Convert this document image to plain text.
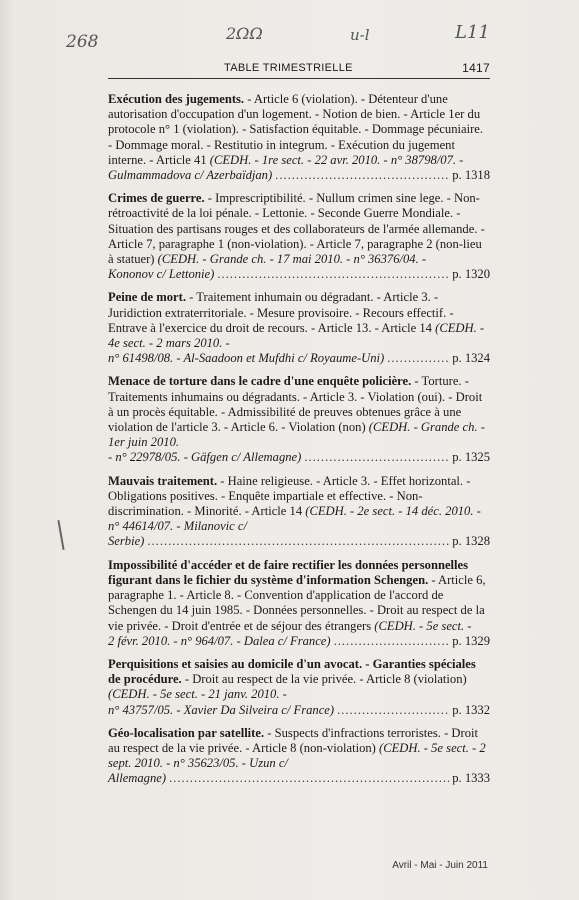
268	2ΩΩ	u-l	L11
TABLE TRIMESTRIELLE	1417

Exécution des jugements. - Article 6 (violation). - Détenteur d'une autorisation d'occupation d'un logement. - Notion de bien. - Article 1er du protocole n° 1 (violation). - Satisfaction équitable. - Dommage pécuniaire. - Dommage moral. - Restitutio in integrum. - Exécution du jugement interne. - Article 41 (CEDH. - 1re sect. - 22 avr. 2010. - n° 38798/07. -

Gulmammadova c/ Azerbaïdjan) .....	p. 1318

Crimes de guerre. - Imprescriptibilité. - Nullum crimen sine lege. - Non-rétroactivité de la loi pénale. - Lettonie. - Seconde Guerre Mondiale. - Situation des partisans rouges et des collaborateurs de l'armée allemande. - Article 7, paragraphe 1 (non-violation). - Article 7, paragraphe 2 (non-lieu à statuer) (CEDH. - Grande ch. - 17 mai 2010. - n° 36376/04. -

Kononov c/ Lettonie) .....	p. 1320

Peine de mort. - Traitement inhumain ou dégradant. - Article 3. - Juridiction extraterritoriale. - Mesure provisoire. - Recours effectif. - Entrave à l'exercice du droit de recours. - Article 13. - Article 14 (CEDH. - 4e sect. - 2 mars 2010. -

n° 61498/08. - Al-Saadoon et Mufdhi c/ Royaume-Uni) .....	p. 1324

Menace de torture dans le cadre d'une enquête policière. - Torture. - Traitements inhumains ou dégradants. - Article 3. - Violation (oui). - Droit à un procès équitable. - Admissibilité de preuves obtenues grâce à une violation de l'article 3. - Article 6. - Violation (non) (CEDH. - Grande ch. - 1er juin 2010.

- n° 22978/05. - Gäfgen c/ Allemagne) .....	p. 1325

Mauvais traitement. - Haine religieuse. - Article 3. - Effet horizontal. - Obligations positives. - Enquête impartiale et effective. - Non-discrimination. - Minorité. - Article 14 (CEDH. - 2e sect. - 14 déc. 2010. - n° 44614/07. - Milanovic c/

Serbie) .....	p. 1328

Impossibilité d'accéder et de faire rectifier les données personnelles figurant dans le fichier du système d'information Schengen. - Article 6, paragraphe 1. - Article 8. - Convention d'application de l'accord de Schengen du 14 juin 1985. - Données personnelles. - Droit au respect de la vie privée. - Droit d'entrée et de séjour des étrangers (CEDH. - 5e sect. -

2 févr. 2010. - n° 964/07. - Dalea c/ France) .....	p. 1329

Perquisitions et saisies au domicile d'un avocat. - Garanties spéciales de procédure. - Droit au respect de la vie privée. - Article 8 (violation) (CEDH. - 5e sect. - 21 janv. 2010. -

n° 43757/05. - Xavier Da Silveira c/ France) .....	p. 1332

Géo-localisation par satellite. - Suspects d'infractions terroristes. - Droit au respect de la vie privée. - Article 8 (non-violation) (CEDH. - 5e sect. - 2 sept. 2010. - n° 35623/05. - Uzun c/

Allemagne) .....	p. 1333
Avril - Mai - Juin 2011
